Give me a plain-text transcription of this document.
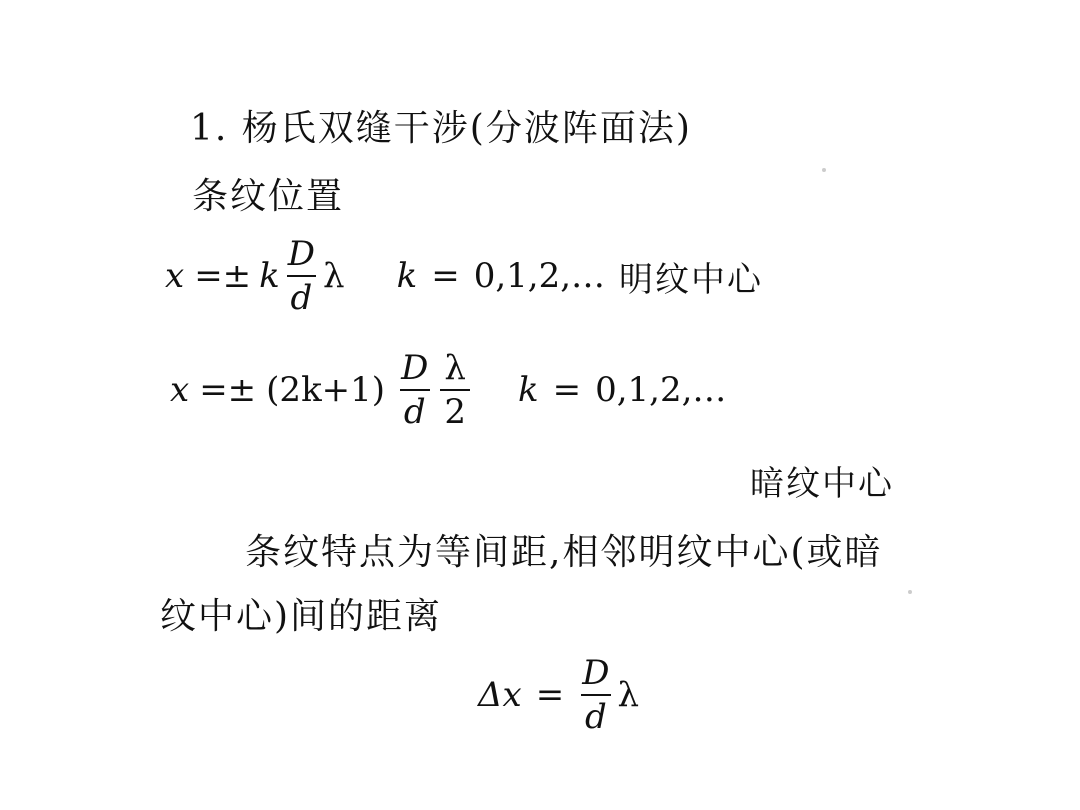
1. 杨氏双缝干涉(分波阵面法)
条纹位置
x =± k $\frac{D}{d}$ λ k = 0,1,2,… 明纹中心
$x =\pm (2k+1) \frac{D}{d} \frac{\lambda}{2}$ k = 0,1,2,…
暗纹中心
条纹特点为等间距,相邻明纹中心(或暗
纹中心)间的距离
$\Delta x = \frac{D}{d}$ λ
